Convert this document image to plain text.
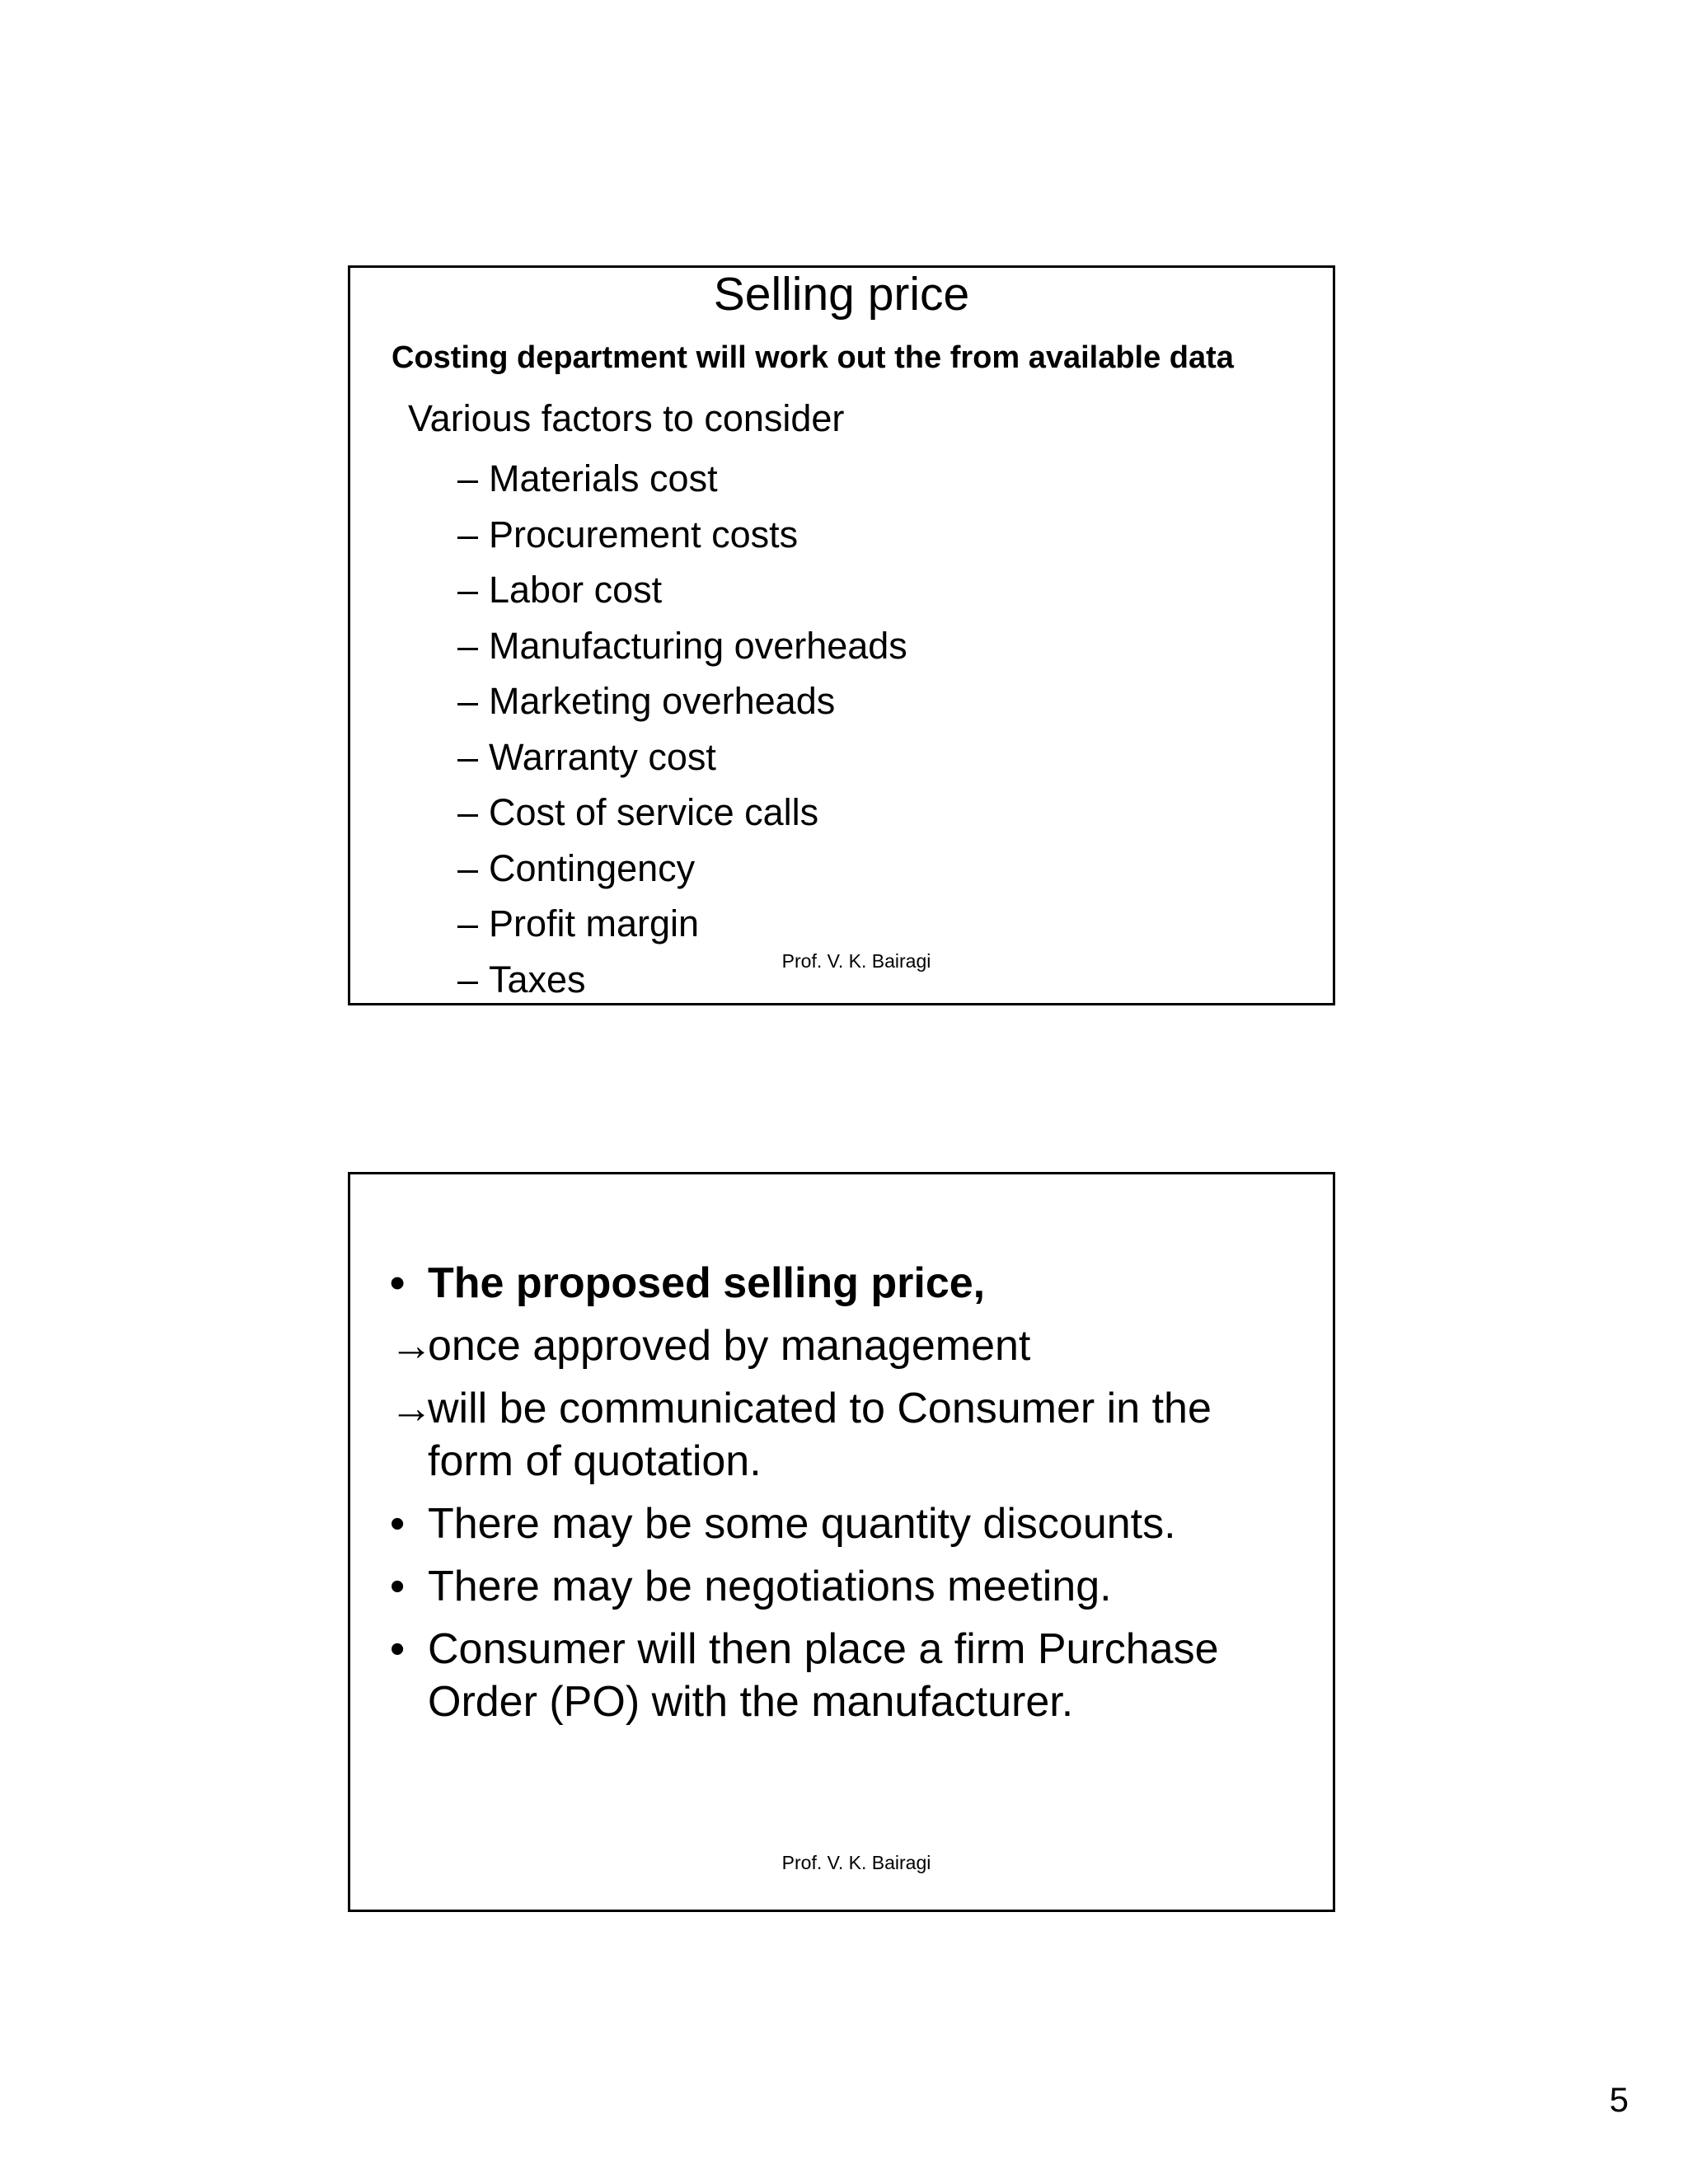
Selling price
Costing department will work out the from available data
Various factors to consider
– Materials cost
– Procurement costs
– Labor cost
– Manufacturing overheads
– Marketing overheads
– Warranty cost
– Cost of service calls
– Contingency
– Profit margin
– Taxes	Prof. V. K. Bairagi
• The proposed selling price,
→
once approved by management
→
will be communicated to Consumer in the form of quotation.
• There may be some quantity discounts.
• There may be negotiations meeting.
• Consumer will then place a firm Purchase Order (PO) with the manufacturer.
Prof. V. K. Bairagi
5
